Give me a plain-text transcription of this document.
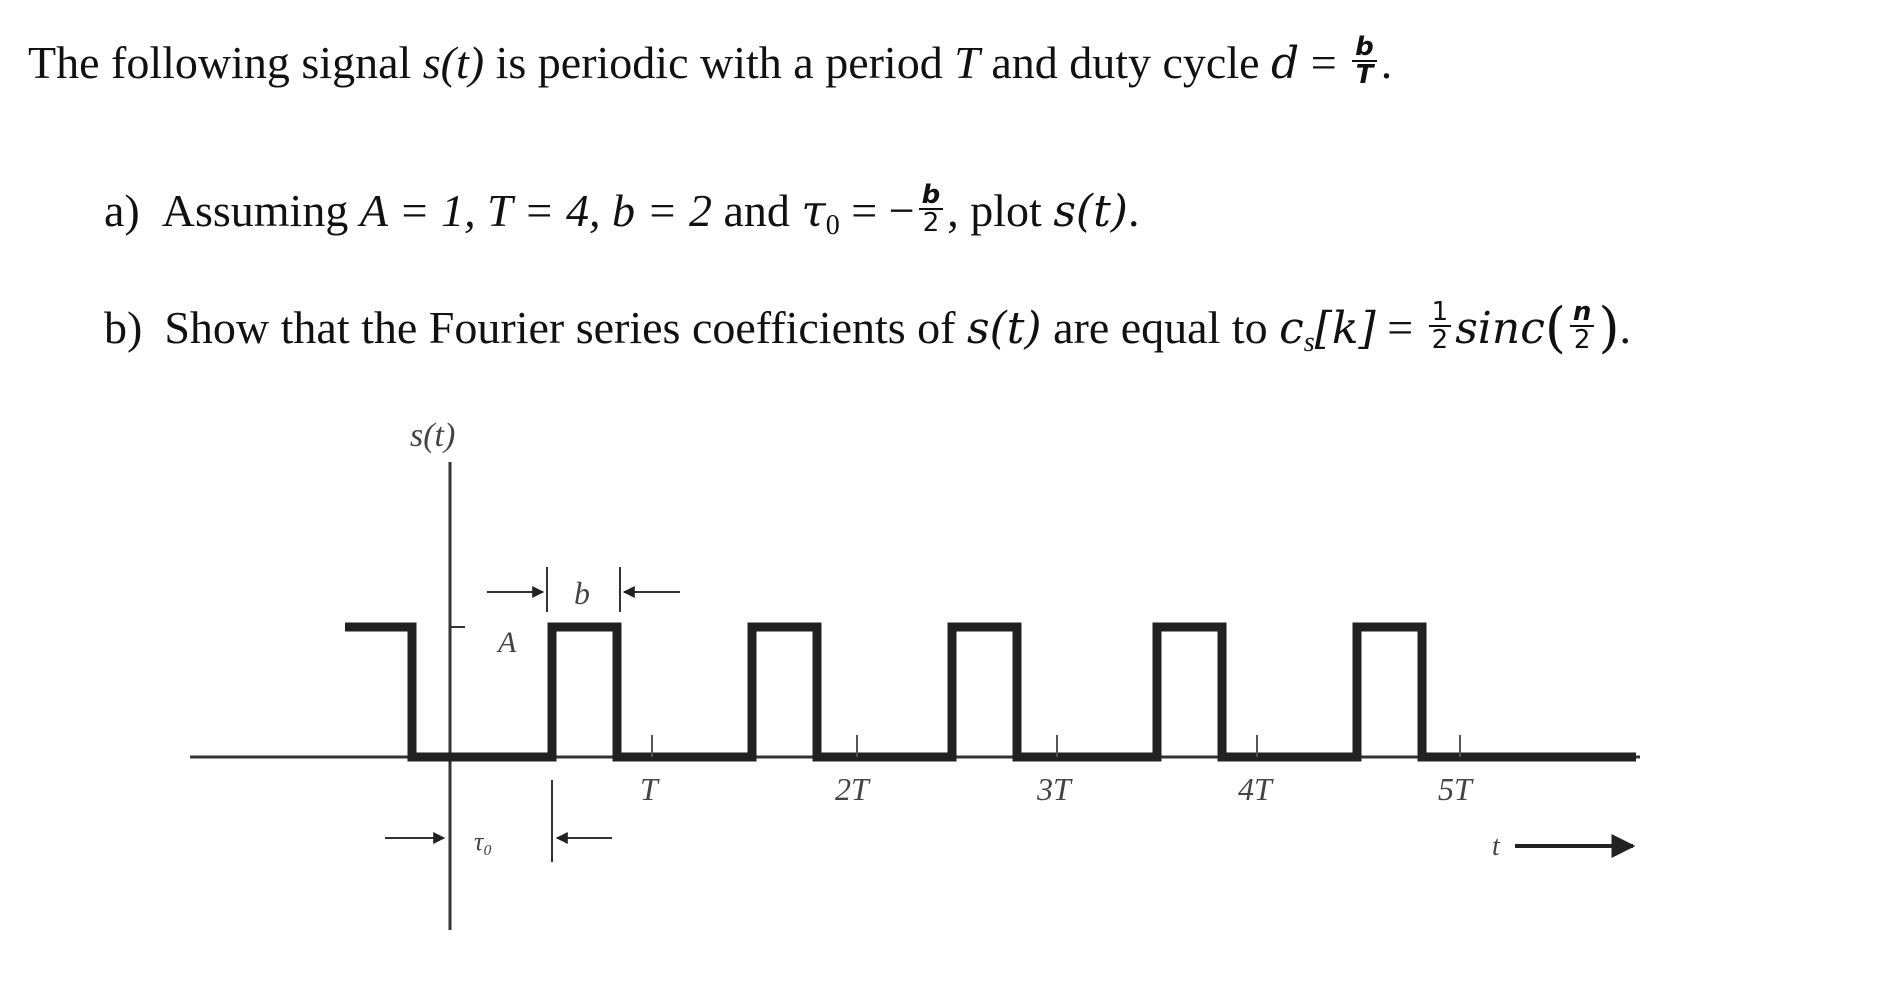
The following signal s(t) is periodic with a period T and duty cycle $d = \frac{b}{T}$ .
a) Assuming A = 1, T = 4, b = 2 and $\tau_0$ = − $\frac{b}{2}$ , plot s(t).
b) Show that the Fourier series coefficients of s(t) are equal to $c_s[k] = \frac{1}{2} \sin c( \frac{n}{2}$ ).
s(t)
T	2T	3T	4T	5T
b
A
τ₀	t
